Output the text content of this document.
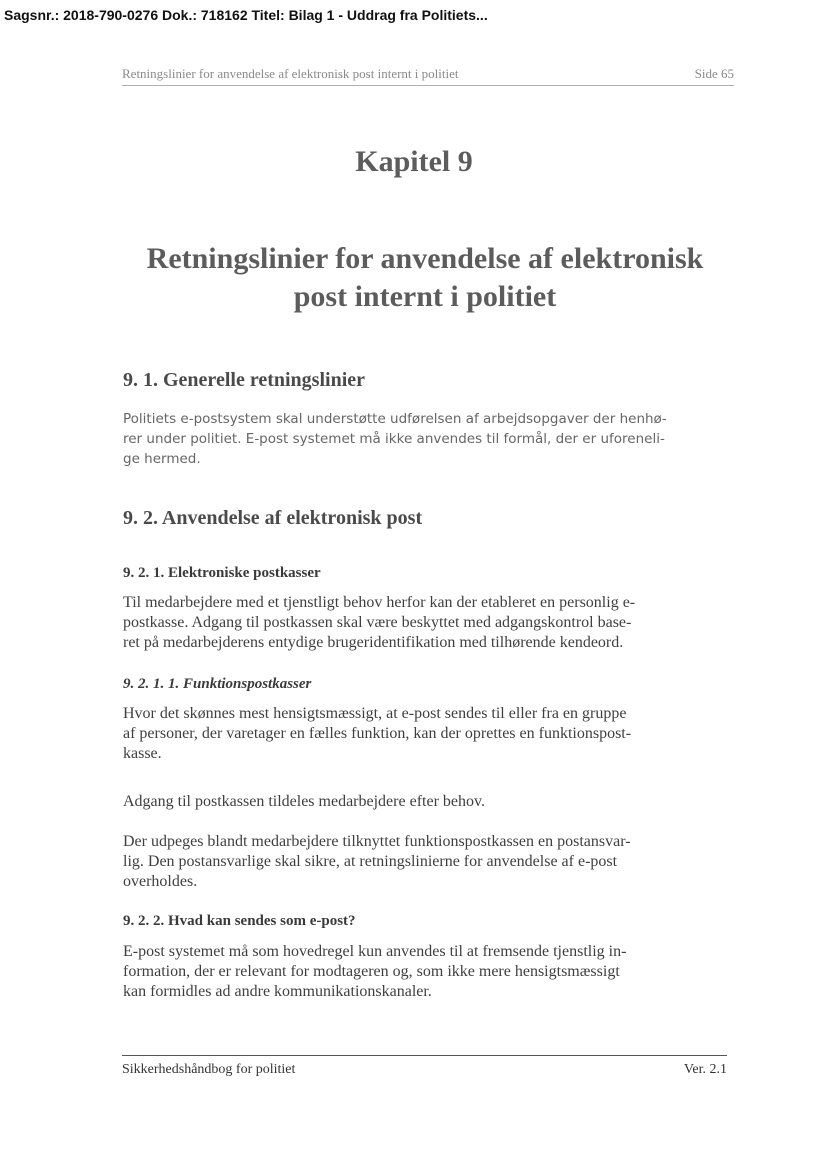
Sagsnr.: 2018-790-0276 Dok.: 718162 Titel: Bilag 1 - Uddrag fra Politiets...
Retningslinier for anvendelse af elektronisk post internt i politiet	Side 65
Kapitel 9
Retningslinier for anvendelse af elektronisk
post internt i politiet
9. 1. Generelle retningslinier
Politiets e-postsystem skal understøtte udførelsen af arbejdsopgaver der henhø-
rer under politiet. E-post systemet må ikke anvendes til formål, der er uforeneli-
ge hermed.
9. 2. Anvendelse af elektronisk post
9. 2. 1. Elektroniske postkasser
Til medarbejdere med et tjenstligt behov herfor kan der etableret en personlig e-
postkasse. Adgang til postkassen skal være beskyttet med adgangskontrol base-
ret på medarbejderens entydige brugeridentifikation med tilhørende kendeord.
9. 2. 1. 1. Funktionspostkasser
Hvor det skønnes mest hensigtsmæssigt, at e-post sendes til eller fra en gruppe
af personer, der varetager en fælles funktion, kan der oprettes en funktionspost-
kasse.
Adgang til postkassen tildeles medarbejdere efter behov.
Der udpeges blandt medarbejdere tilknyttet funktionspostkassen en postansvar-
lig. Den postansvarlige skal sikre, at retningslinierne for anvendelse af e-post
overholdes.
9. 2. 2. Hvad kan sendes som e-post?
E-post systemet må som hovedregel kun anvendes til at fremsende tjenstlig in-
formation, der er relevant for modtageren og, som ikke mere hensigtsmæssigt
kan formidles ad andre kommunikationskanaler.
Sikkerhedshåndbog for politiet	Ver. 2.1
